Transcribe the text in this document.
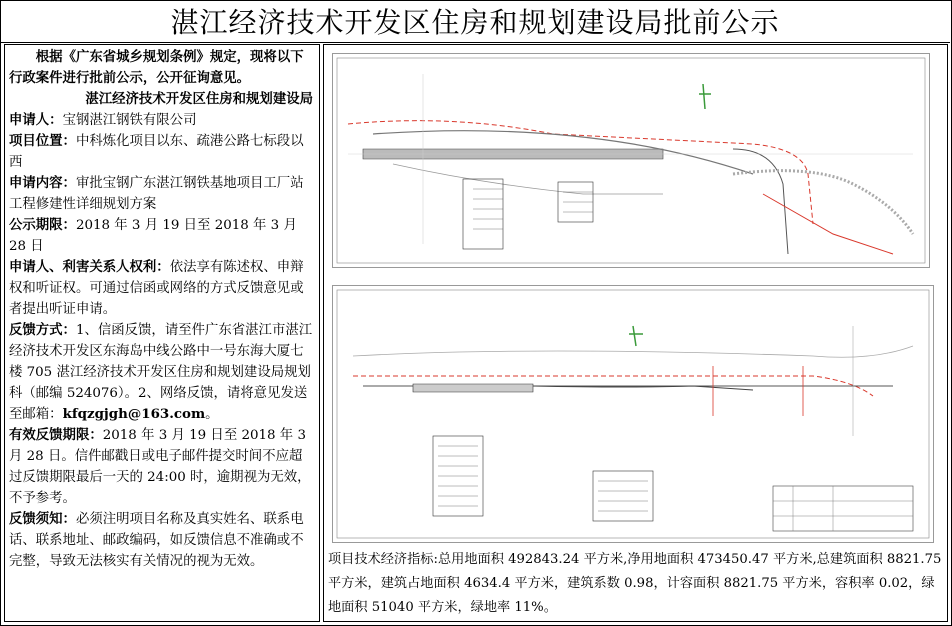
湛江经济技术开发区住房和规划建设局批前公示

根据《广东省城乡规划条例》规定，现将以下行政案件进行批前公示，公开征询意见。

湛江经济技术开发区住房和规划建设局

申请人：宝钢湛江钢铁有限公司

项目位置：中科炼化项目以东、疏港公路七标段以西

申请内容：审批宝钢广东湛江钢铁基地项目工厂站工程修建性详细规划方案

公示期限：2018 年 3 月 19 日至 2018 年 3 月 28 日

申请人、利害关系人权利：依法享有陈述权、申辩权和听证权。可通过信函或网络的方式反馈意见或者提出听证申请。

反馈方式：1、信函反馈，请至件广东省湛江市湛江经济技术开发区东海岛中线公路中一号东海大厦七楼 705 湛江经济技术开发区住房和规划建设局规划科（邮编 524076）。2、网络反馈，请将意见发送至邮箱：kfqzgjgh@163.com。

有效反馈期限：2018 年 3 月 19 日至 2018 年 3 月 28 日。信件邮戳日或电子邮件提交时间不应超过反馈期限最后一天的 24:00 时，逾期视为无效，不予参考。

反馈须知：必须注明项目名称及真实姓名、联系电话、联系地址、邮政编码，如反馈信息不准确或不完整，导致无法核实有关情况的视为无效。	项目技术经济指标:总用地面积 492843.24 平方米,净用地面积 473450.47 平方米,总建筑面积 8821.75 平方米，建筑占地面积 4634.4 平方米，建筑系数 0.98，计容面积 8821.75 平方米，容积率 0.02，绿地面积 51040 平方米，绿地率 11%。
